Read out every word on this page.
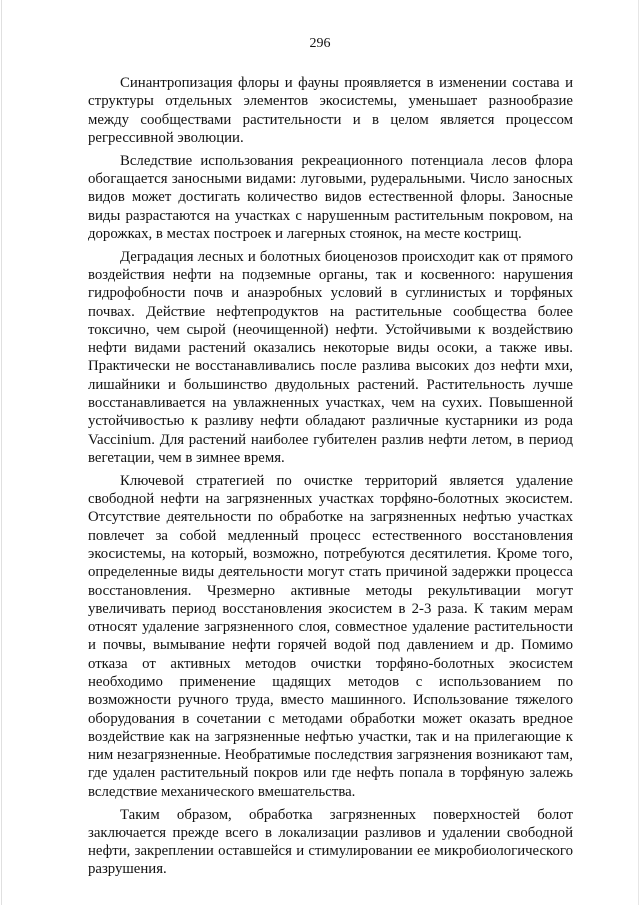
296

Синантропизация флоры и фауны проявляется в изменении состава и структуры отдельных элементов экосистемы, уменьшает разнообразие между сообществами растительности и в целом является процессом регрессивной эволюции.

Вследствие использования рекреационного потенциала лесов флора обогащается заносными видами: луговыми, рудеральными. Число заносных видов может достигать количество видов естественной флоры. Заносные виды разрастаются на участках с нарушенным растительным покровом, на дорожках, в местах построек и лагерных стоянок, на месте кострищ.

Деградация лесных и болотных биоценозов происходит как от прямого воздействия нефти на подземные органы, так и косвенного: нарушения гидрофобности почв и анаэробных условий в суглинистых и торфяных почвах. Действие нефтепродуктов на растительные сообщества более токсично, чем сырой (неочищенной) нефти. Устойчивыми к воздействию нефти видами растений оказались некоторые виды осоки, а также ивы. Практически не восстанавливались после разлива высоких доз нефти мхи, лишайники и большинство двудольных растений. Растительность лучше восстанавливается на увлажненных участках, чем на сухих. Повышенной устойчивостью к разливу нефти обладают различные кустарники из рода Vaccinium. Для растений наиболее губителен разлив нефти летом, в период вегетации, чем в зимнее время.

Ключевой стратегией по очистке территорий является удаление свободной нефти на загрязненных участках торфяно-болотных экосистем. Отсутствие деятельности по обработке на загрязненных нефтью участках повлечет за собой медленный процесс естественного восстановления экосистемы, на который, возможно, потребуются десятилетия. Кроме того, определенные виды деятельности могут стать причиной задержки процесса восстановления. Чрезмерно активные методы рекультивации могут увеличивать период восстановления экосистем в 2-3 раза. К таким мерам относят удаление загрязненного слоя, совместное удаление растительности и почвы, вымывание нефти горячей водой под давлением и др. Помимо отказа от активных методов очистки торфяно-болотных экосистем необходимо применение щадящих методов с использованием по возможности ручного труда, вместо машинного. Использование тяжелого оборудования в сочетании с методами обработки может оказать вредное воздействие как на загрязненные нефтью участки, так и на прилегающие к ним незагрязненные. Необратимые последствия загрязнения возникают там, где удален растительный покров или где нефть попала в торфяную залежь вследствие механического вмешательства.

Таким образом, обработка загрязненных поверхностей болот заключается прежде всего в локализации разливов и удалении свободной нефти, закреплении оставшейся и стимулировании ее микробиологического разрушения.
